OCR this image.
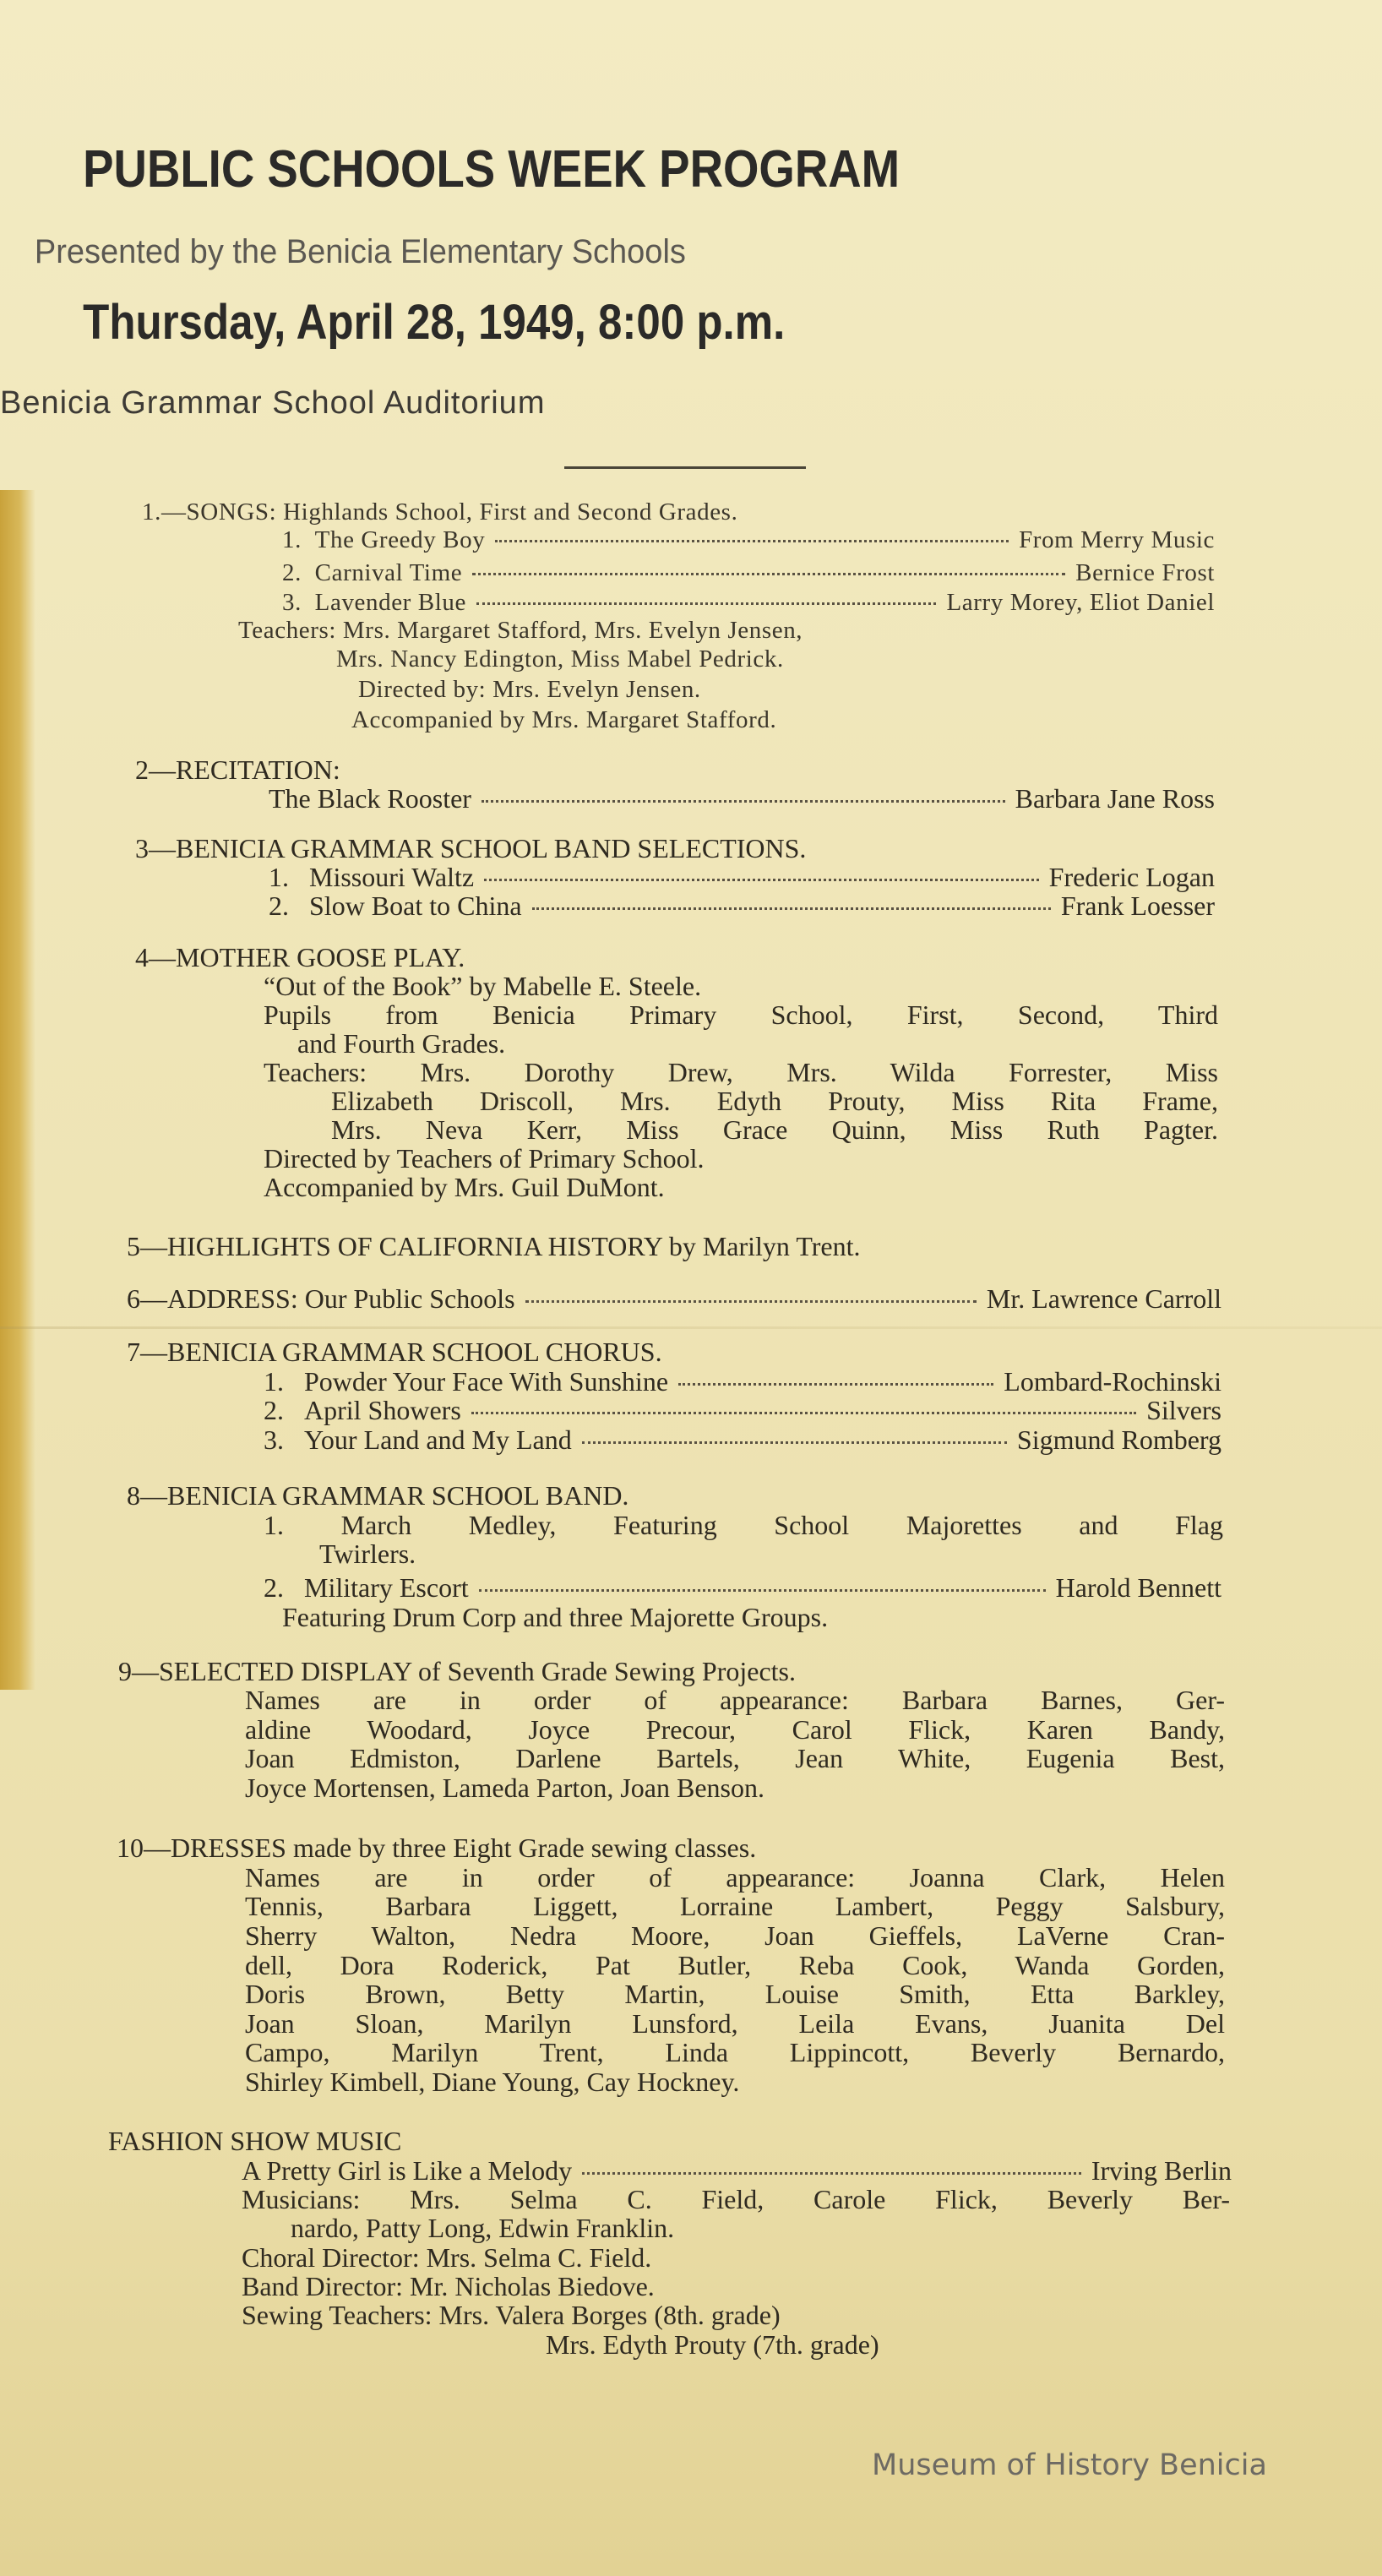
PUBLIC SCHOOLS WEEK PROGRAM
Presented by the Benicia Elementary Schools
Thursday, April 28, 1949, 8:00 p.m.
Benicia Grammar School Auditorium
1.—SONGS: Highlands School, First and Second Grades.
1.
The Greedy Boy	From Merry Music
2.
Carnival Time	Bernice Frost
3.
Lavender Blue	Larry Morey, Eliot Daniel
Teachers: Mrs. Margaret Stafford, Mrs. Evelyn Jensen,
Mrs. Nancy Edington, Miss Mabel Pedrick.
Directed by: Mrs. Evelyn Jensen.
Accompanied by Mrs. Margaret Stafford.
2—RECITATION:
The Black Rooster	Barbara Jane Ross
3—BENICIA GRAMMAR SCHOOL BAND SELECTIONS.
1.
Missouri Waltz	Frederic Logan
2.
Slow Boat to China	Frank Loesser
4—MOTHER GOOSE PLAY.
“Out of the Book” by Mabelle E. Steele.
Pupils from Benicia Primary School, First, Second, Third
and Fourth Grades.
Teachers: Mrs. Dorothy Drew, Mrs. Wilda Forrester, Miss
Elizabeth Driscoll, Mrs. Edyth Prouty, Miss Rita Frame,
Mrs. Neva Kerr, Miss Grace Quinn, Miss Ruth Pagter.
Directed by Teachers of Primary School.
Accompanied by Mrs. Guil DuMont.
5—HIGHLIGHTS OF CALIFORNIA HISTORY by Marilyn Trent.
6—ADDRESS: Our Public Schools	Mr. Lawrence Carroll
7—BENICIA GRAMMAR SCHOOL CHORUS.
1.
Powder Your Face With Sunshine	Lombard-Rochinski
2.
April Showers	Silvers
3.
Your Land and My Land	Sigmund Romberg
8—BENICIA GRAMMAR SCHOOL BAND.
1. March Medley, Featuring School Majorettes and Flag
Twirlers.
2.
Military Escort	Harold Bennett
Featuring Drum Corp and three Majorette Groups.
9—SELECTED DISPLAY of Seventh Grade Sewing Projects.
Names are in order of appearance: Barbara Barnes, Ger-
aldine Woodard, Joyce Precour, Carol Flick, Karen Bandy,
Joan Edmiston, Darlene Bartels, Jean White, Eugenia Best,
Joyce Mortensen, Lameda Parton, Joan Benson.
10—DRESSES made by three Eight Grade sewing classes.
Names are in order of appearance: Joanna Clark, Helen
Tennis, Barbara Liggett, Lorraine Lambert, Peggy Salsbury,
Sherry Walton, Nedra Moore, Joan Gieffels, LaVerne Cran-
dell, Dora Roderick, Pat Butler, Reba Cook, Wanda Gorden,
Doris Brown, Betty Martin, Louise Smith, Etta Barkley,
Joan Sloan, Marilyn Lunsford, Leila Evans, Juanita Del
Campo, Marilyn Trent, Linda Lippincott, Beverly Bernardo,
Shirley Kimbell, Diane Young, Cay Hockney.
FASHION SHOW MUSIC
A Pretty Girl is Like a Melody	Irving Berlin
Musicians: Mrs. Selma C. Field, Carole Flick, Beverly Ber-
nardo, Patty Long, Edwin Franklin.
Choral Director: Mrs. Selma C. Field.
Band Director: Mr. Nicholas Biedove.
Sewing Teachers: Mrs. Valera Borges (8th. grade)
Mrs. Edyth Prouty (7th. grade)
Museum of History Benicia
